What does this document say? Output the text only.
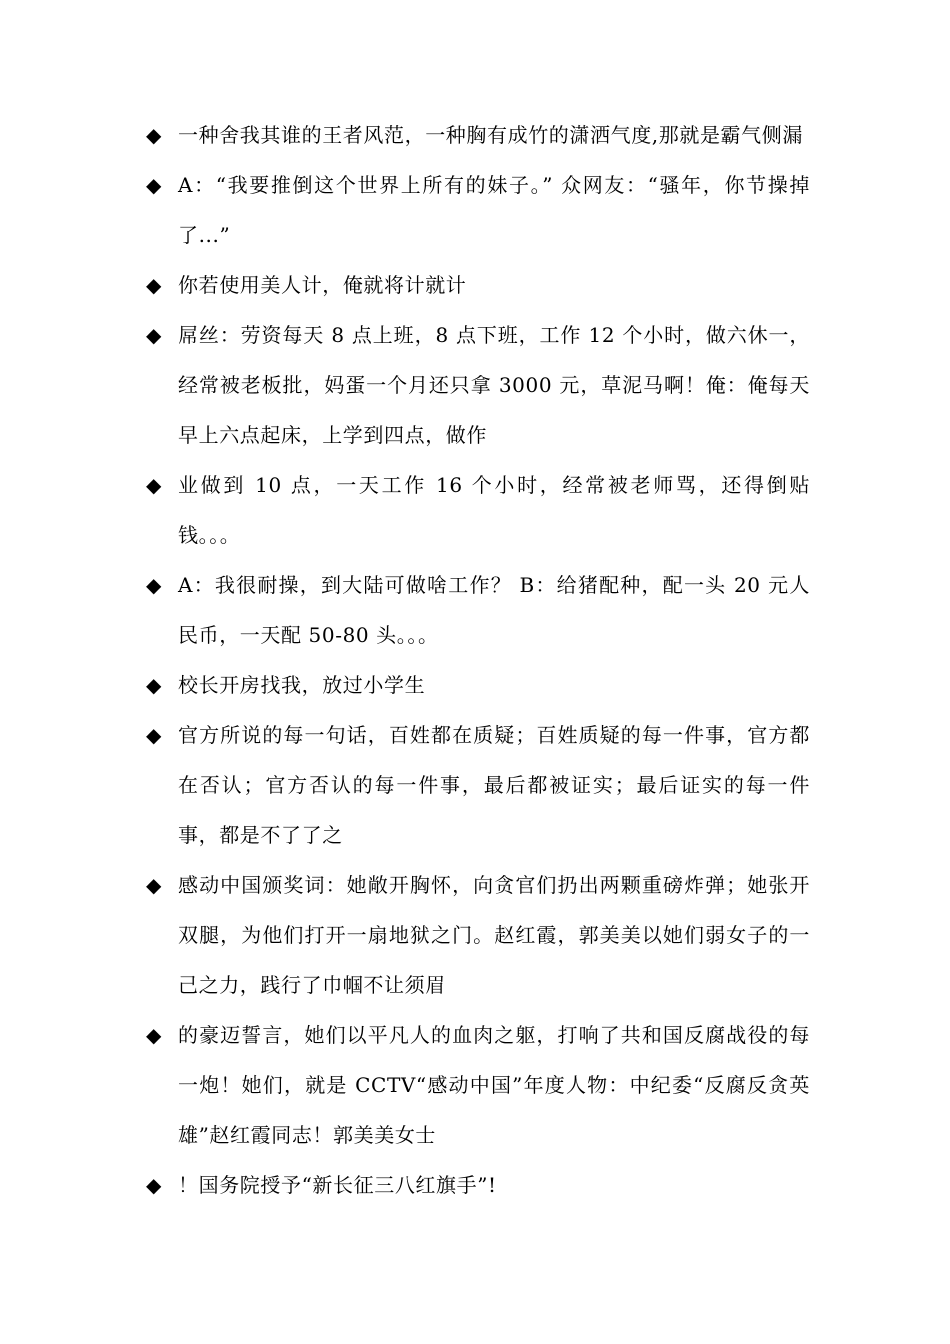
◆ 一种舍我其谁的王者风范，一种胸有成竹的潇洒气度,那就是霸气侧漏
◆ A：“我要推倒这个世界上所有的妹子。” 众网友：“骚年，你节操掉了...”
◆ 你若使用美人计，俺就将计就计
◆ 屌丝：劳资每天 8 点上班，8 点下班，工作 12 个小时，做六休一，经常被老板批，妈蛋一个月还只拿 3000 元，草泥马啊！俺：俺每天早上六点起床，上学到四点，做作
◆ 业做到 10 点，一天工作 16 个小时，经常被老师骂，还得倒贴钱。。。
◆ A：我很耐操，到大陆可做啥工作？ B：给猪配种，配一头 20 元人民币，一天配 50-80 头。。。
◆ 校长开房找我，放过小学生
◆ 官方所说的每一句话，百姓都在质疑；百姓质疑的每一件事，官方都在否认；官方否认的每一件事，最后都被证实；最后证实的每一件事，都是不了了之
◆ 感动中国颁奖词：她敞开胸怀，向贪官们扔出两颗重磅炸弹；她张开双腿，为他们打开一扇地狱之门。赵红霞，郭美美以她们弱女子的一己之力，践行了巾帼不让须眉
◆ 的豪迈誓言，她们以平凡人的血肉之躯，打响了共和国反腐战役的每一炮！她们，就是 CCTV“感动中国”年度人物：中纪委“反腐反贪英雄”赵红霞同志！郭美美女士
◆ ！国务院授予“新长征三八红旗手”!
